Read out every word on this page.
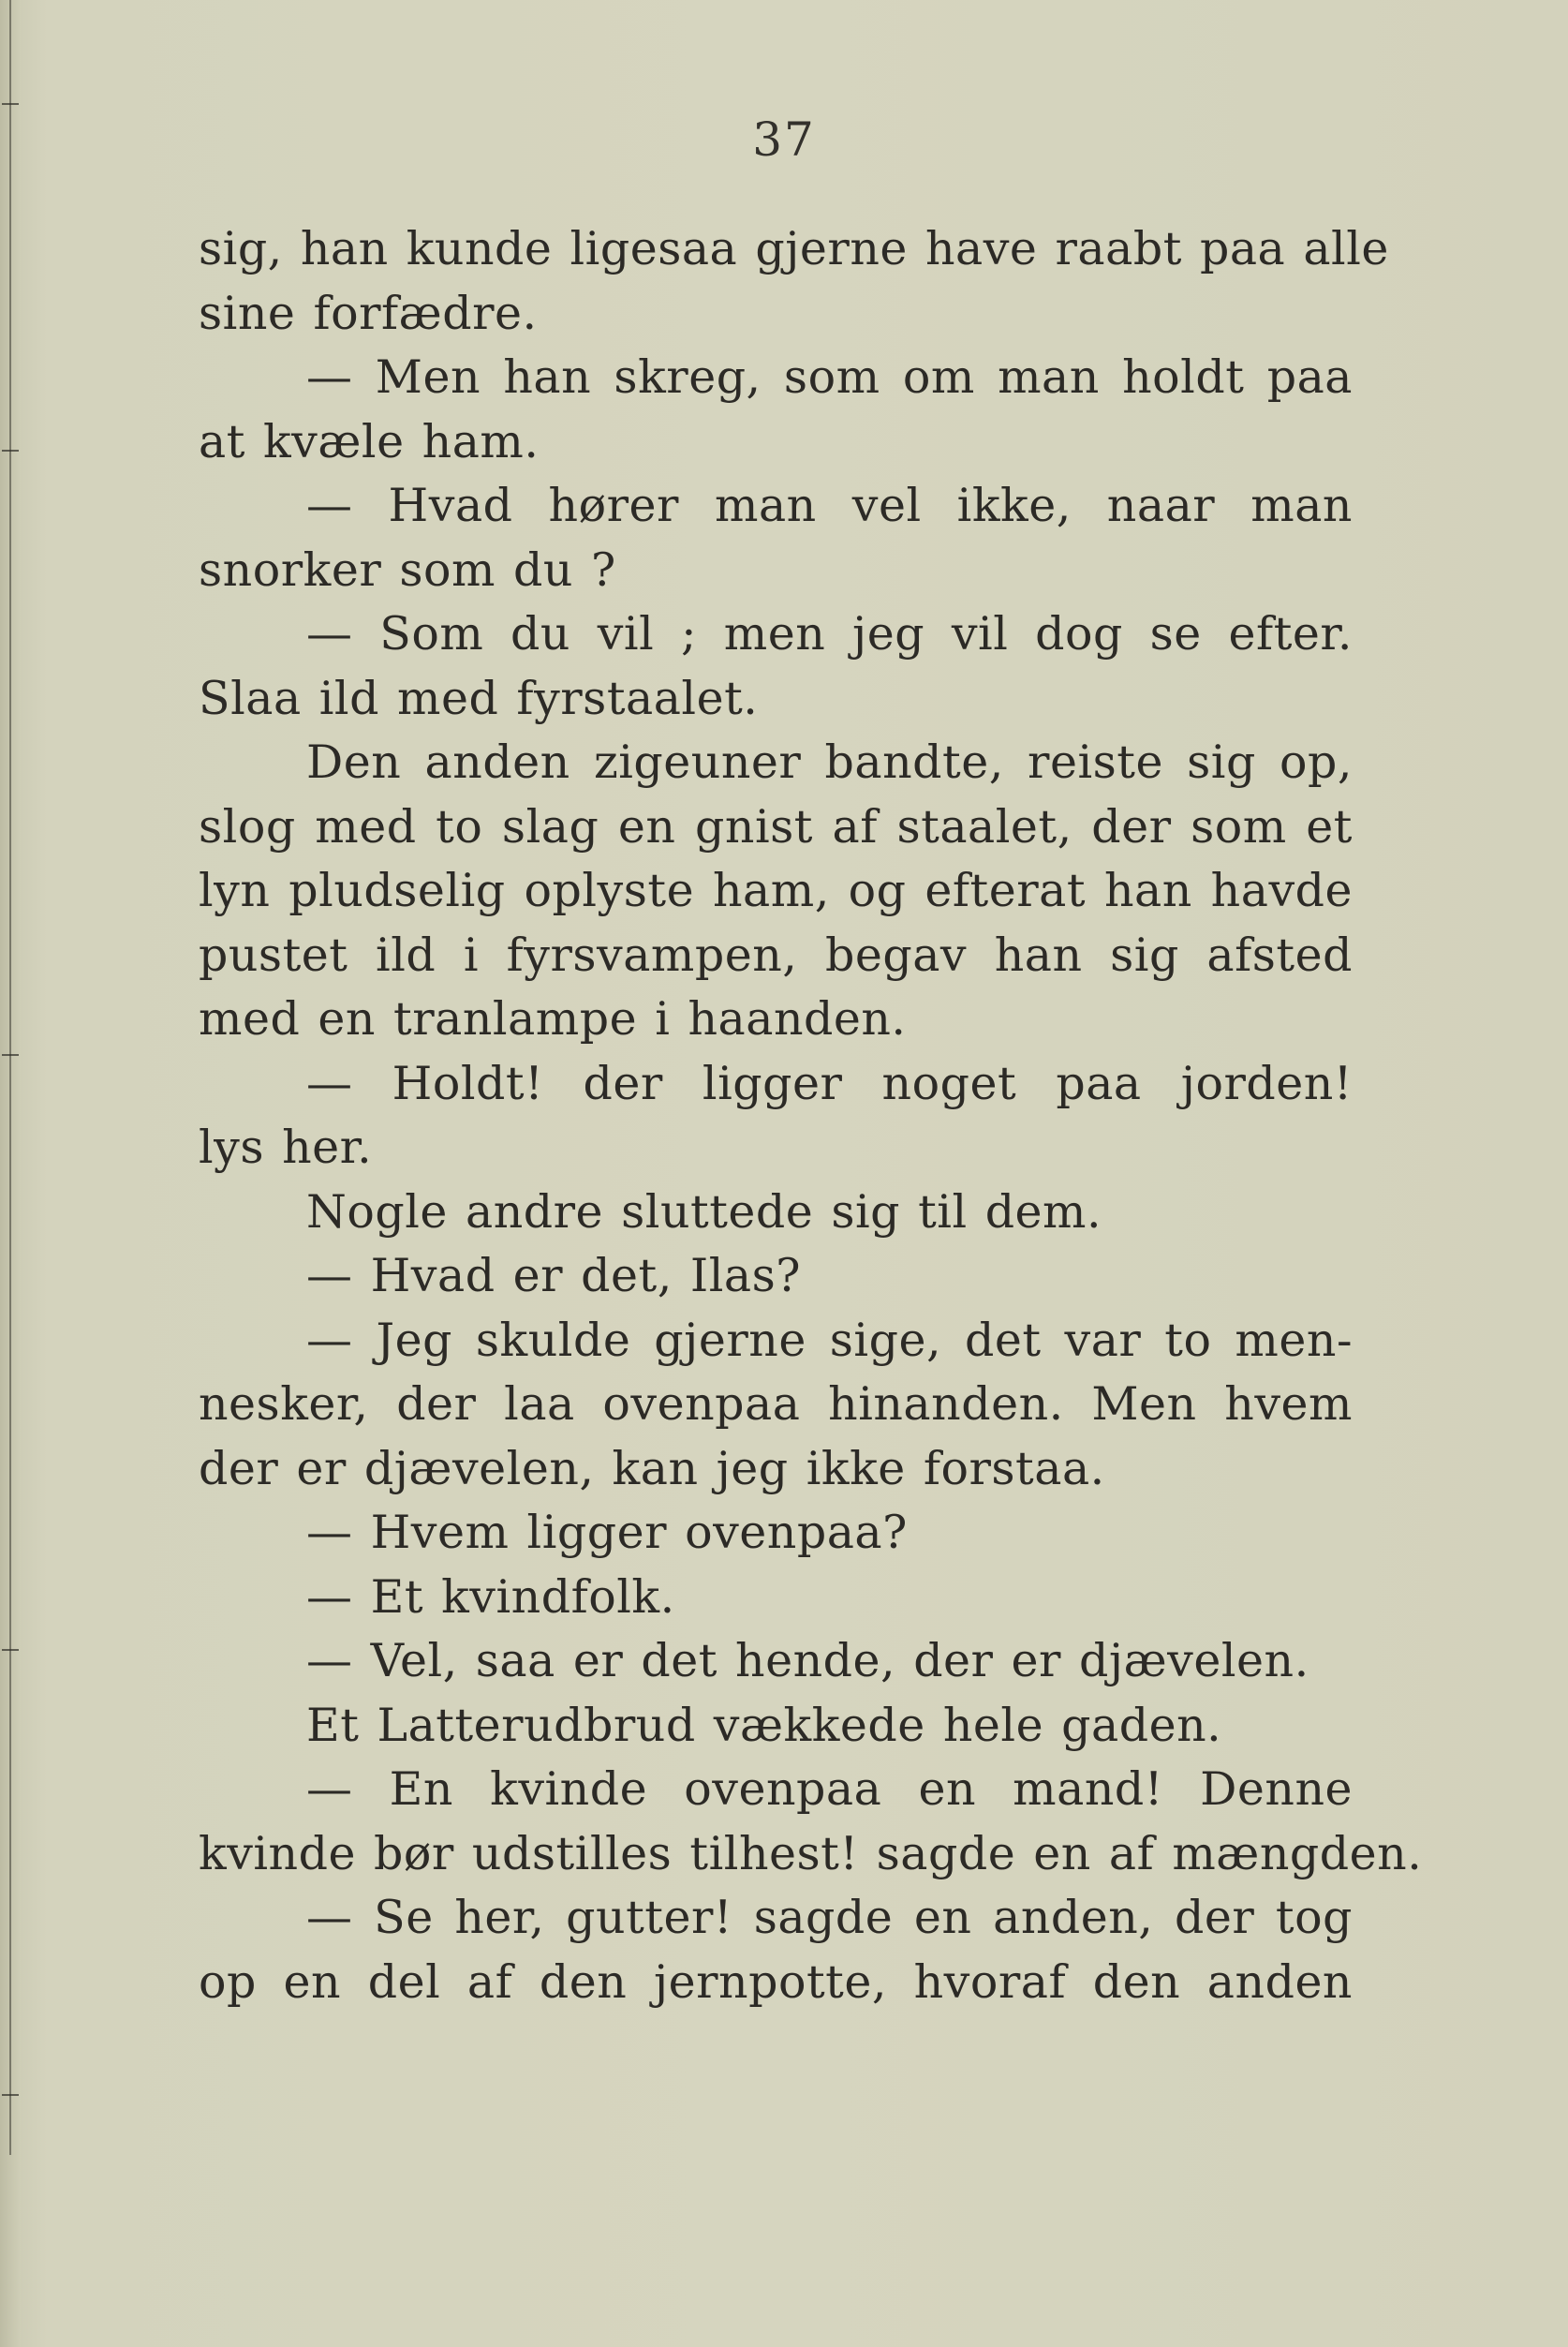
37
sig, han kunde ligesaa gjerne have raabt paa alle
sine forfædre.
— Men han skreg, som om man holdt paa
at kvæle ham.
— Hvad hører man vel ikke, naar man
snorker som du ?
— Som du vil ; men jeg vil dog se efter.
Slaa ild med fyrstaalet.
Den anden zigeuner bandte, reiste sig op,
slog med to slag en gnist af staalet, der som et
lyn pludselig oplyste ham, og efterat han havde
pustet ild i fyrsvampen, begav han sig afsted
med en tranlampe i haanden.
— Holdt! der ligger noget paa jorden!
lys her.
Nogle andre sluttede sig til dem.
— Hvad er det, Ilas?
— Jeg skulde gjerne sige, det var to men-
nesker, der laa ovenpaa hinanden. Men hvem
der er djævelen, kan jeg ikke forstaa.
— Hvem ligger ovenpaa?
— Et kvindfolk.
— Vel, saa er det hende, der er djævelen.
Et Latterudbrud vækkede hele gaden.
— En kvinde ovenpaa en mand! Denne
kvinde bør udstilles tilhest! sagde en af mængden.
— Se her, gutter! sagde en anden, der tog
op en del af den jernpotte, hvoraf den anden
